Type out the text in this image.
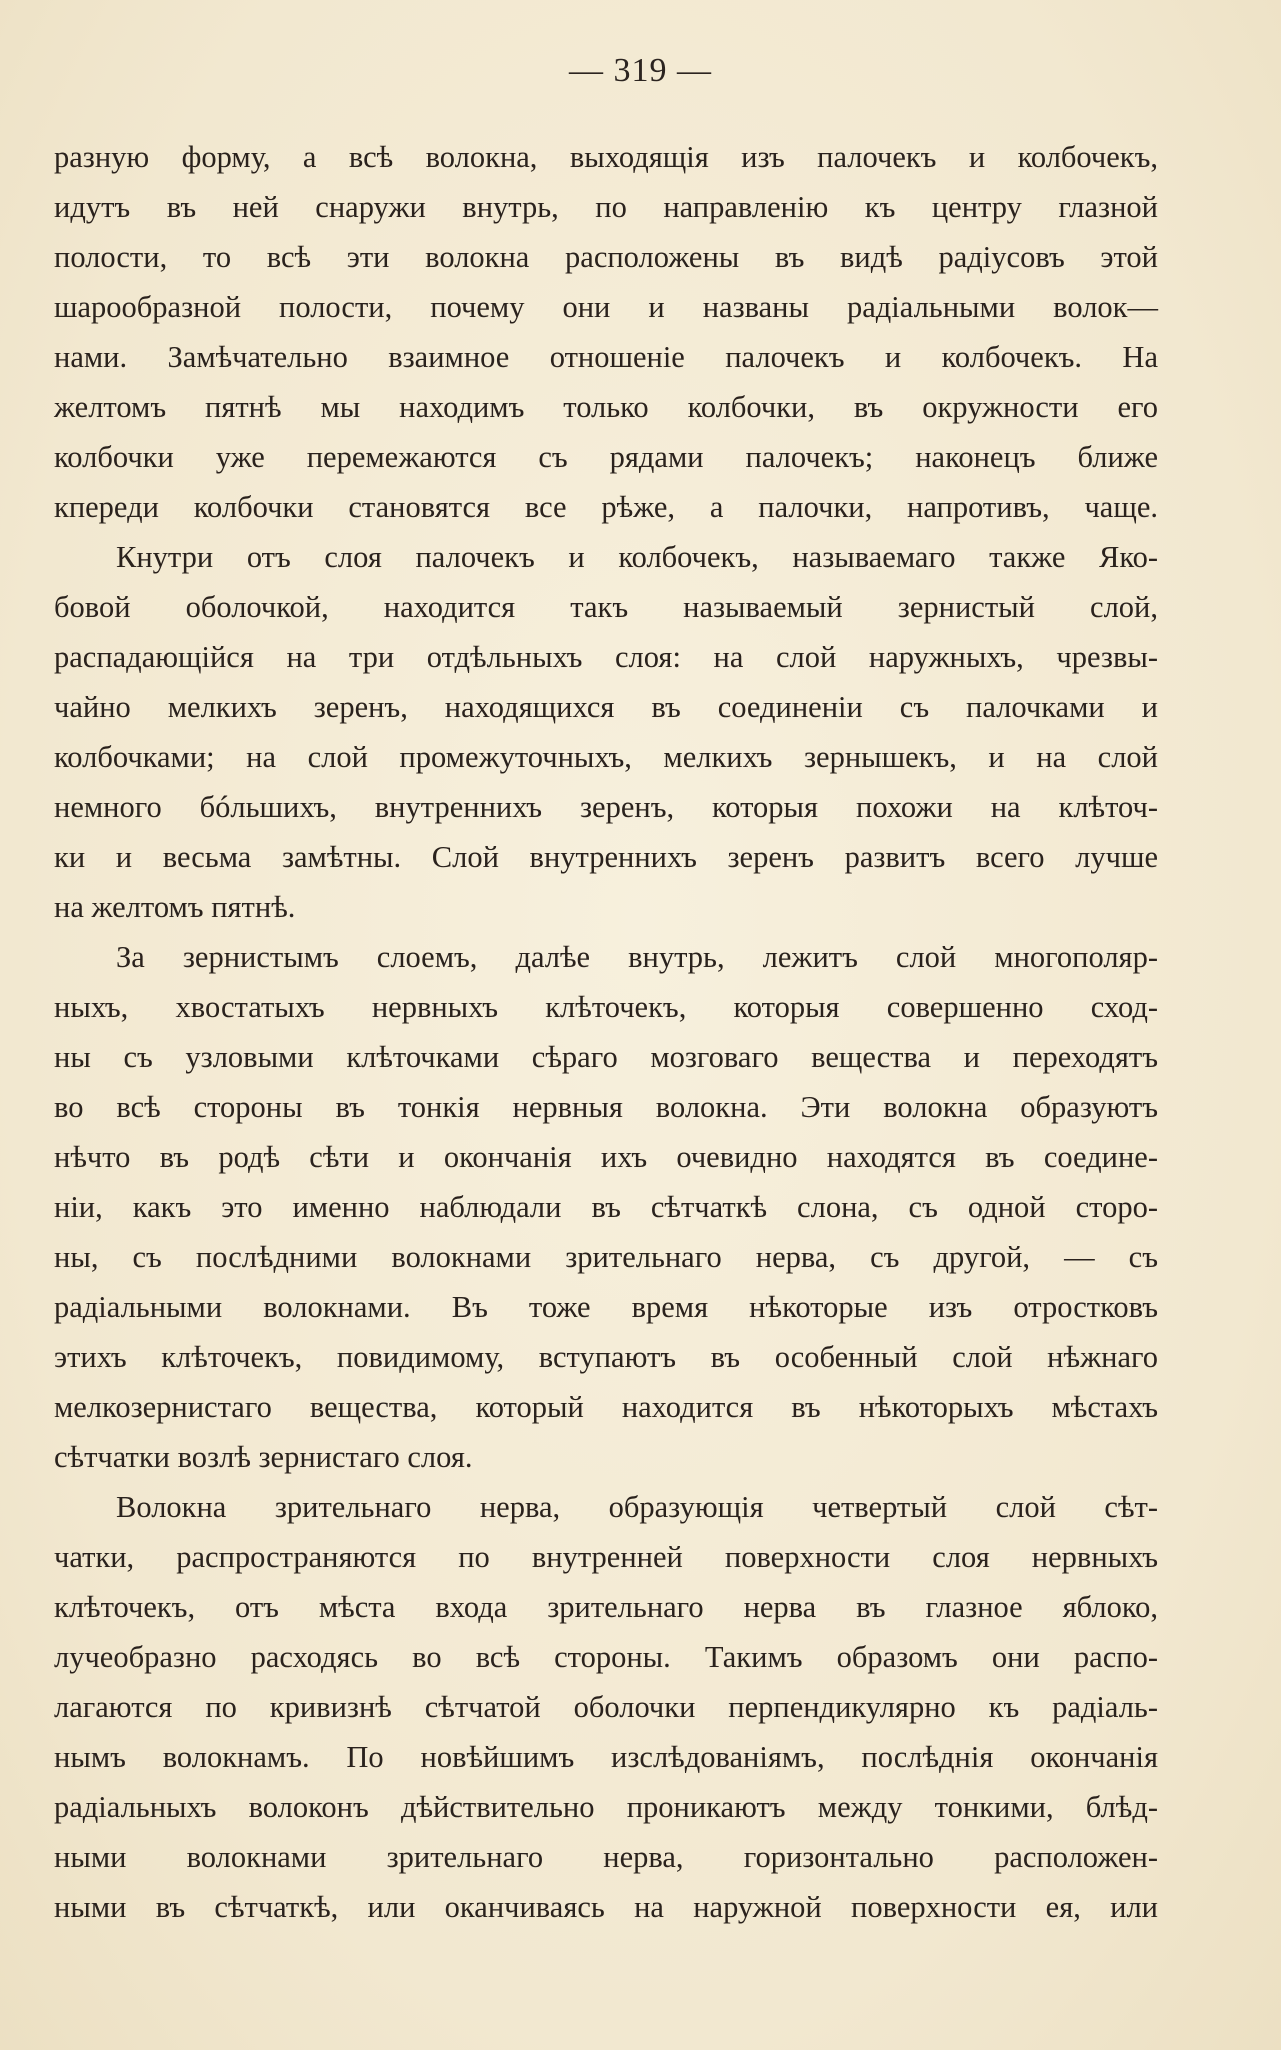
— 319 —
разную форму, а всѣ волокна, выходящія изъ палочекъ и колбочекъ,
идутъ въ ней снаружи внутрь, по направленію къ центру глазной
полости, то всѣ эти волокна расположены въ видѣ радіусовъ этой
шарообразной полости, почему они и названы радіальными волок—
нами. Замѣчательно взаимное отношеніе палочекъ и колбочекъ. На
желтомъ пятнѣ мы находимъ только колбочки, въ окружности его
колбочки уже перемежаются съ рядами палочекъ; наконецъ ближе
кпереди колбочки становятся все рѣже, а палочки, напротивъ, чаще.
Кнутри отъ слоя палочекъ и колбочекъ, называемаго также Яко-
бовой оболочкой, находится такъ называемый зернистый слой,
распадающійся на три отдѣльныхъ слоя: на слой наружныхъ, чрезвы-
чайно мелкихъ зеренъ, находящихся въ соединеніи съ палочками и
колбочками; на слой промежуточныхъ, мелкихъ зернышекъ, и на слой
немного бóльшихъ, внутреннихъ зеренъ, которыя похожи на клѣточ-
ки и весьма замѣтны. Слой внутреннихъ зеренъ развитъ всего лучше
на желтомъ пятнѣ.
За зернистымъ слоемъ, далѣе внутрь, лежитъ слой многополяр-
ныхъ, хвостатыхъ нервныхъ клѣточекъ, которыя совершенно сход-
ны съ узловыми клѣточками сѣраго мозговаго вещества и переходятъ
во всѣ стороны въ тонкія нервныя волокна. Эти волокна образуютъ
нѣчто въ родѣ сѣти и окончанія ихъ очевидно находятся въ соедине-
ніи, какъ это именно наблюдали въ сѣтчаткѣ слона, съ одной сторо-
ны, съ послѣдними волокнами зрительнаго нерва, съ другой, — съ
радіальными волокнами. Въ тоже время нѣкоторые изъ отростковъ
этихъ клѣточекъ, повидимому, вступаютъ въ особенный слой нѣжнаго
мелкозернистаго вещества, который находится въ нѣкоторыхъ мѣстахъ
сѣтчатки возлѣ зернистаго слоя.
Волокна зрительнаго нерва, образующія четвертый слой сѣт-
чатки, распространяются по внутренней поверхности слоя нервныхъ
клѣточекъ, отъ мѣста входа зрительнаго нерва въ глазное яблоко,
лучеобразно расходясь во всѣ стороны. Такимъ образомъ они распо-
лагаются по кривизнѣ сѣтчатой оболочки перпендикулярно къ радіаль-
нымъ волокнамъ. По новѣйшимъ изслѣдованіямъ, послѣднія окончанія
радіальныхъ волоконъ дѣйствительно проникаютъ между тонкими, блѣд-
ными волокнами зрительнаго нерва, горизонтально расположен-
ными въ сѣтчаткѣ, или оканчиваясь на наружной поверхности ея, или
